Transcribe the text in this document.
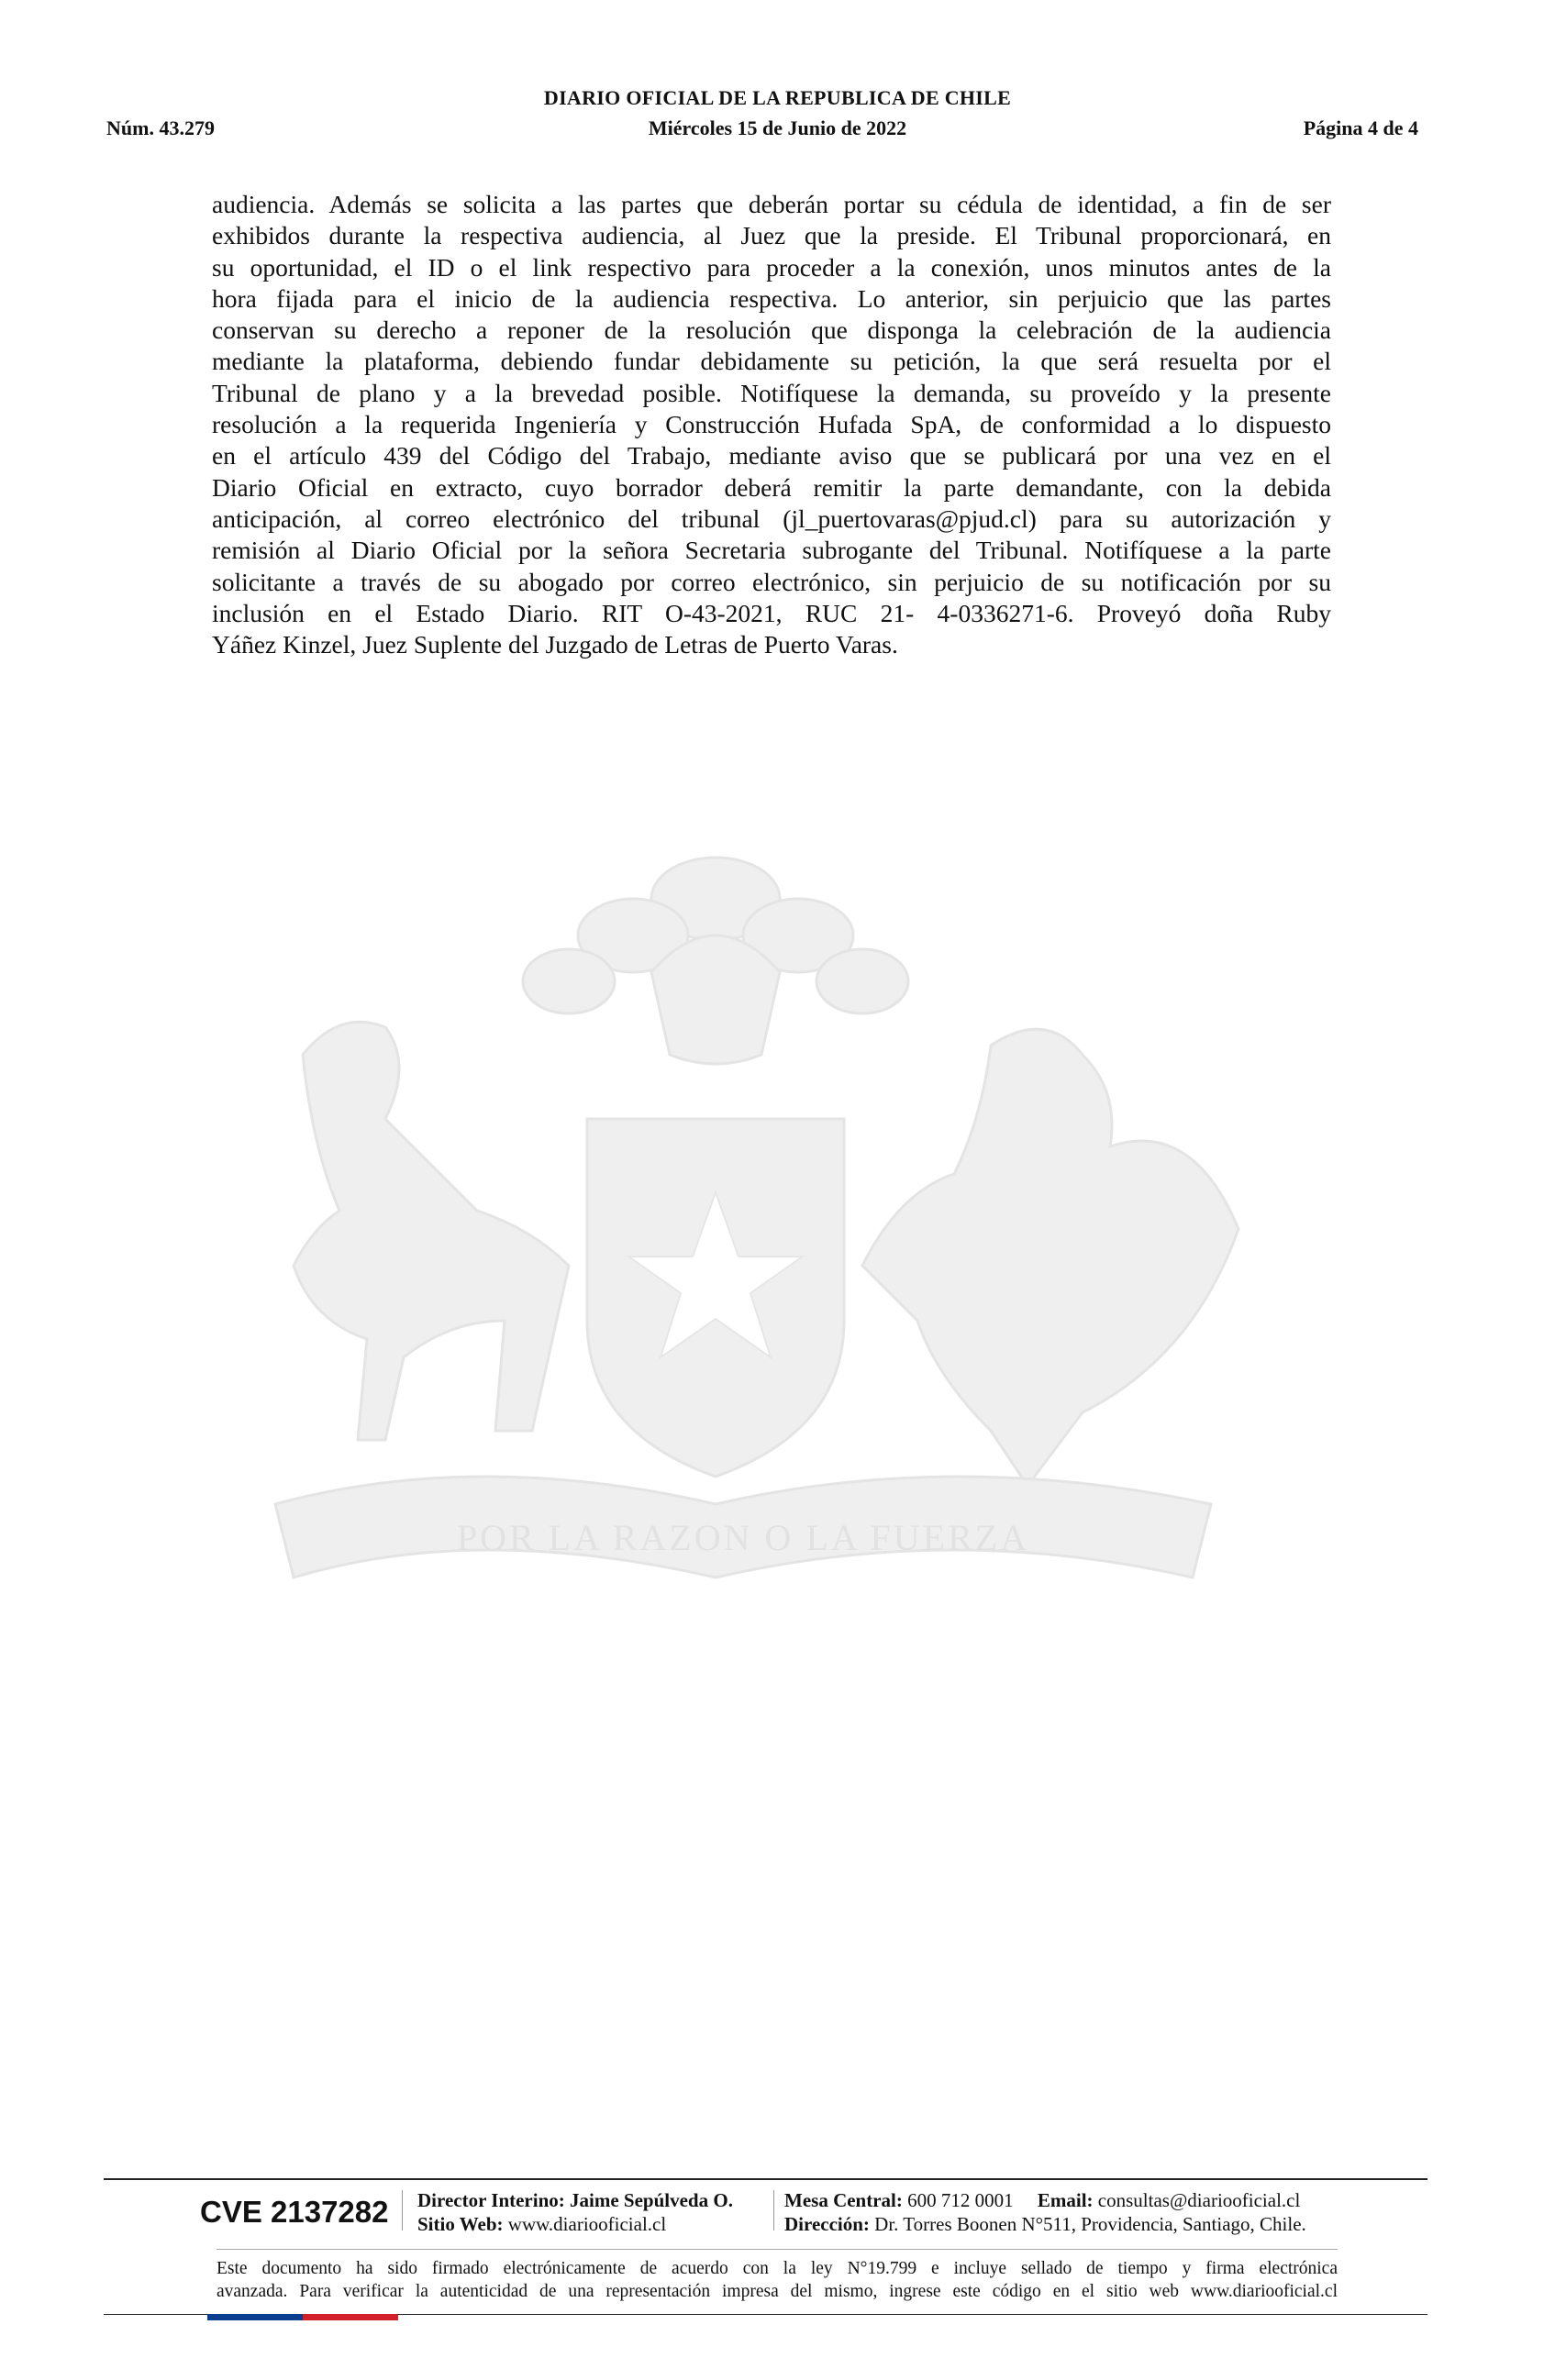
DIARIO OFICIAL DE LA REPUBLICA DE CHILE
Núm. 43.279	Miércoles 15 de Junio de 2022	Página 4 de 4
POR LA RAZON O LA FUERZA
audiencia. Además se solicita a las partes que deberán portar su cédula de identidad, a fin de ser
exhibidos durante la respectiva audiencia, al Juez que la preside. El Tribunal proporcionará, en
su oportunidad, el ID o el link respectivo para proceder a la conexión, unos minutos antes de la
hora fijada para el inicio de la audiencia respectiva. Lo anterior, sin perjuicio que las partes
conservan su derecho a reponer de la resolución que disponga la celebración de la audiencia
mediante la plataforma, debiendo fundar debidamente su petición, la que será resuelta por el
Tribunal de plano y a la brevedad posible. Notifíquese la demanda, su proveído y la presente
resolución a la requerida Ingeniería y Construcción Hufada SpA, de conformidad a lo dispuesto
en el artículo 439 del Código del Trabajo, mediante aviso que se publicará por una vez en el
Diario Oficial en extracto, cuyo borrador deberá remitir la parte demandante, con la debida
anticipación, al correo electrónico del tribunal (jl_puertovaras@pjud.cl) para su autorización y
remisión al Diario Oficial por la señora Secretaria subrogante del Tribunal. Notifíquese a la parte
solicitante a través de su abogado por correo electrónico, sin perjuicio de su notificación por su
inclusión en el Estado Diario. RIT O-43-2021, RUC 21- 4-0336271-6. Proveyó doña Ruby
Yáñez Kinzel, Juez Suplente del Juzgado de Letras de Puerto Varas.
CVE 2137282 Director Interino: Jaime Sepúlveda O.
Sitio Web: www.diariooficial.cl
Mesa Central: 600 712 0001 Email: consultas@diariooficial.cl
Dirección: Dr. Torres Boonen N°511, Providencia, Santiago, Chile.
Este documento ha sido firmado electrónicamente de acuerdo con la ley N°19.799 e incluye sellado de tiempo y firma electrónica
avanzada. Para verificar la autenticidad de una representación impresa del mismo, ingrese este código en el sitio web www.diariooficial.cl
